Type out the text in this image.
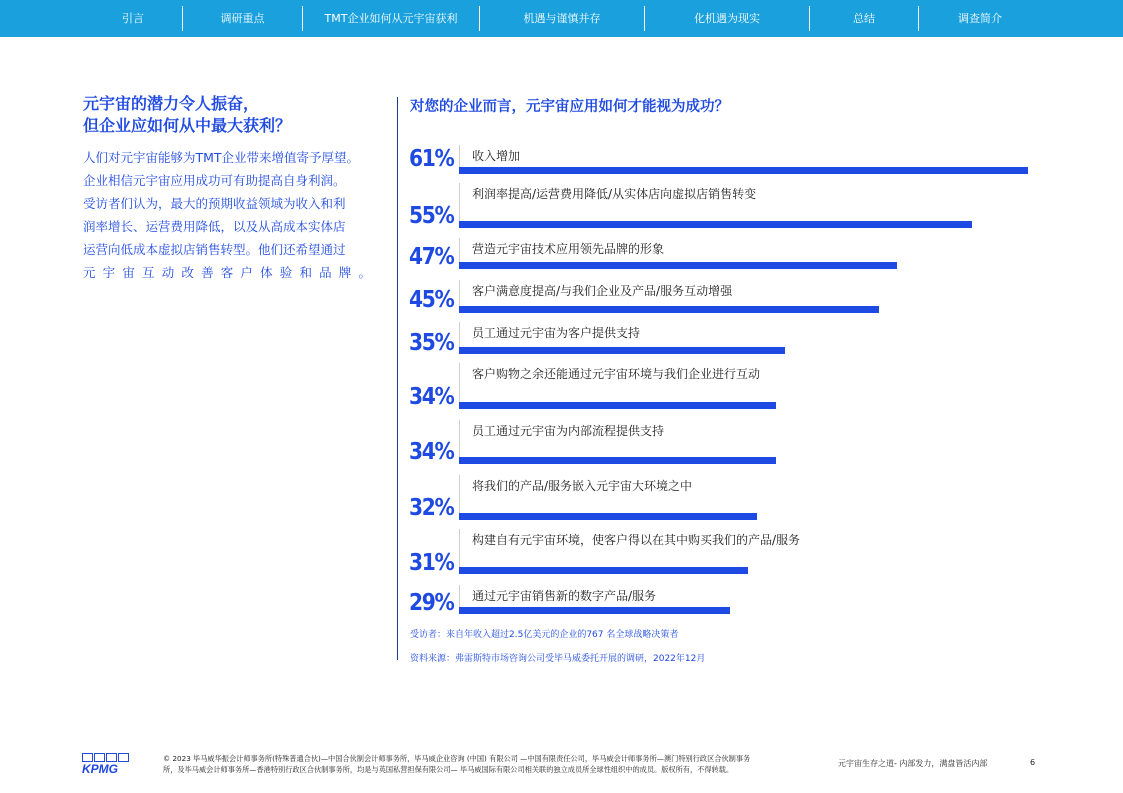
引言	调研重点	TMT企业如何从元宇宙获利	机遇与谨慎并存	化机遇为现实	总结	调查简介
元宇宙的潜力令人振奋，
但企业应如何从中最大获利？

人们对元宇宙能够为TMT企业带来增值寄予厚望。

企业相信元宇宙应用成功可有助提高自身利润。

受访者们认为，最大的预期收益领域为收入和利

润率增长、运营费用降低，以及从高成本实体店

运营向低成本虚拟店销售转型。他们还希望通过

元宇宙互动改善客户体验和品牌。

对您的企业而言，元宇宙应用如何才能视为成功？
收入增加
61%
利润率提高/运营费用降低/从实体店向虚拟店销售转变
55%
营造元宇宙技术应用领先品牌的形象
47%
客户满意度提高/与我们企业及产品/服务互动增强
45%
员工通过元宇宙为客户提供支持
35%
客户购物之余还能通过元宇宙环境与我们企业进行互动
34%
员工通过元宇宙为内部流程提供支持
34%
将我们的产品/服务嵌入元宇宙大环境之中
32%
构建自有元宇宙环境，使客户得以在其中购买我们的产品/服务
31%
通过元宇宙销售新的数字产品/服务
29%
受访者：来自年收入超过2.5亿美元的企业的767 名全球战略决策者
资料来源：弗雷斯特市场咨询公司受毕马威委托开展的调研，2022年12月
KPMG
© 2023 毕马威华振会计师事务所(特殊普通合伙)—中国合伙制会计师事务所，毕马威企业咨询 (中国) 有限公司 —中国有限责任公司，毕马威会计师事务所—澳门特别行政区合伙制事务
所，及毕马威会计师事务所—香港特别行政区合伙制事务所，均是与英国私营担保有限公司— 毕马威国际有限公司相关联的独立成员所全球性组织中的成员。版权所有，不得转载。
元宇宙生存之道- 内部发力，满盘皆活内部	6
